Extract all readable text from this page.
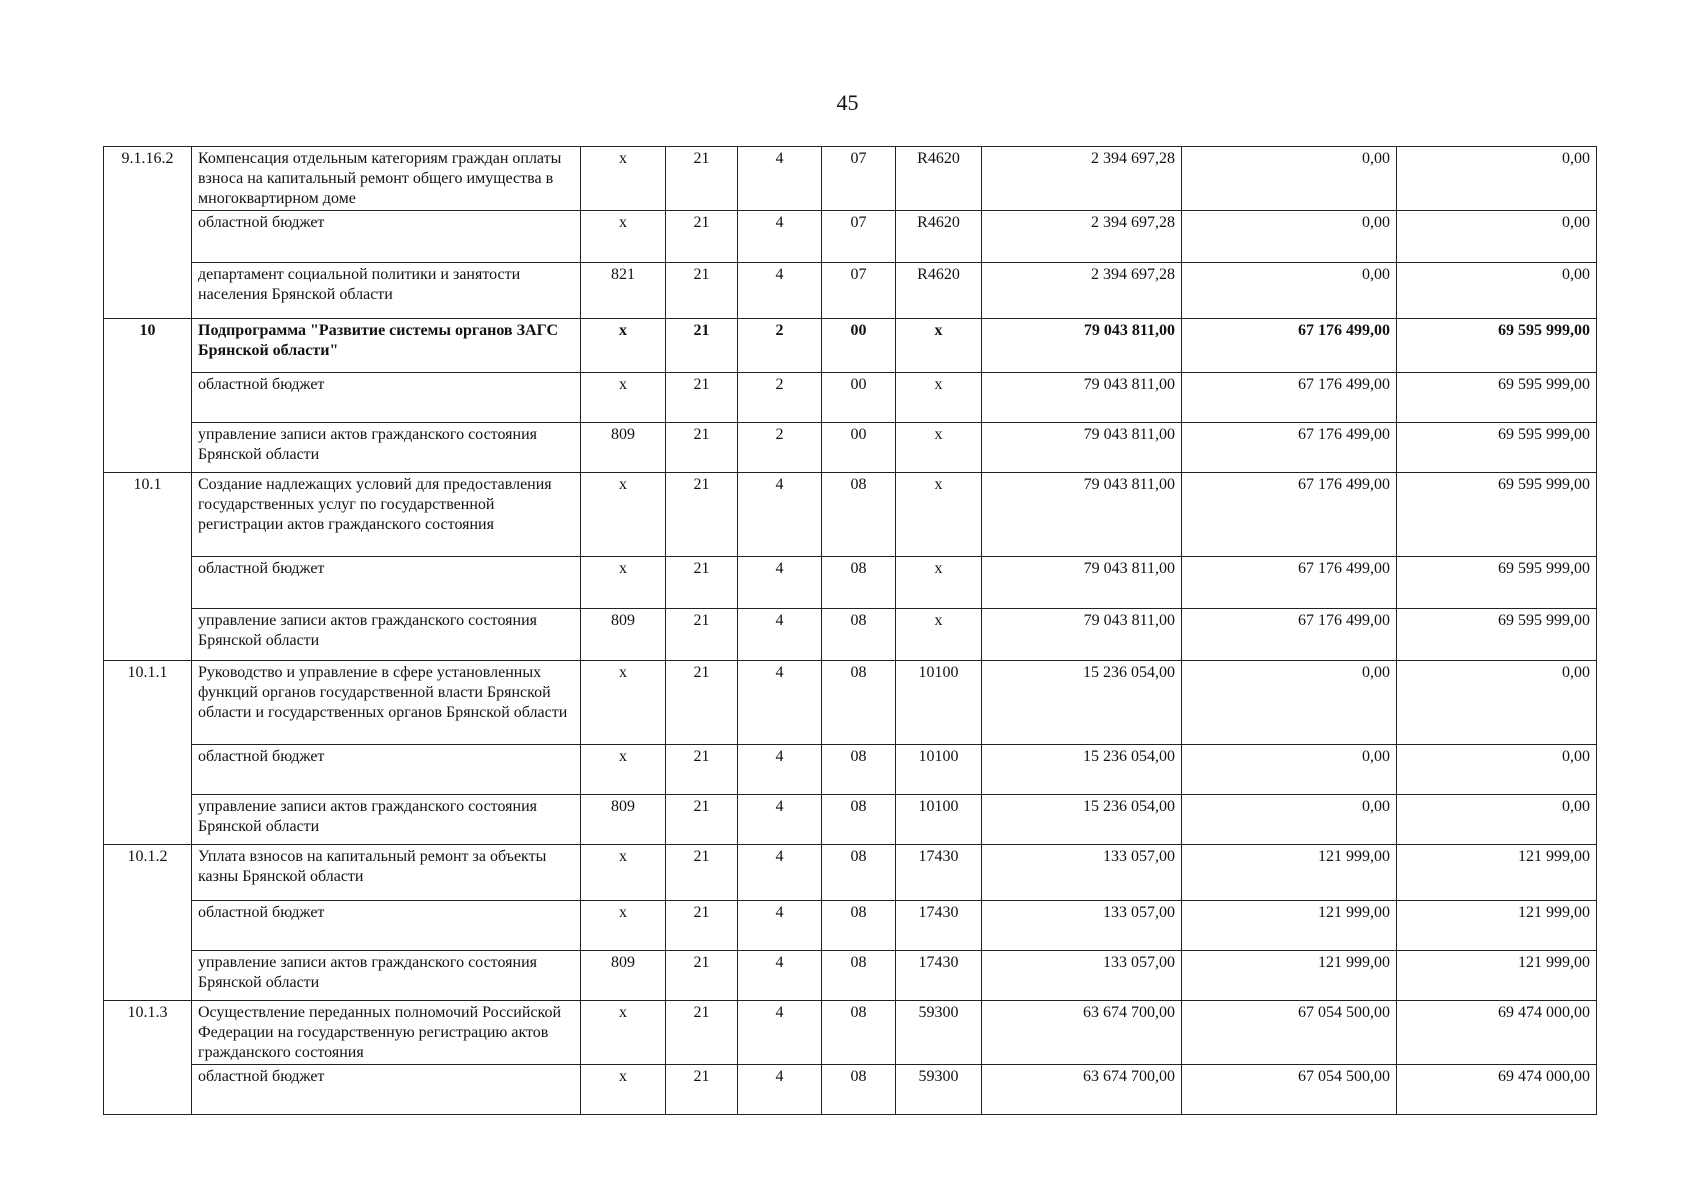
45
9.1.16.2	Компенсация отдельным категориям граждан оплаты взноса на капитальный ремонт общего имущества в многоквартирном доме	х	21	4	07	R4620	2 394 697,28	0,00	0,00
	областной бюджет	х	21	4	07	R4620	2 394 697,28	0,00	0,00
	департамент социальной политики и занятости населения Брянской области	821	21	4	07	R4620	2 394 697,28	0,00	0,00
10	Подпрограмма "Развитие системы органов ЗАГС Брянской области"	х	21	2	00	х	79 043 811,00	67 176 499,00	69 595 999,00
	областной бюджет	х	21	2	00	х	79 043 811,00	67 176 499,00	69 595 999,00
	управление записи актов гражданского состояния Брянской области	809	21	2	00	х	79 043 811,00	67 176 499,00	69 595 999,00
10.1	Создание надлежащих условий для предоставления государственных услуг по государственной регистрации актов гражданского состояния	х	21	4	08	х	79 043 811,00	67 176 499,00	69 595 999,00
	областной бюджет	х	21	4	08	х	79 043 811,00	67 176 499,00	69 595 999,00
	управление записи актов гражданского состояния Брянской области	809	21	4	08	х	79 043 811,00	67 176 499,00	69 595 999,00
10.1.1	Руководство и управление в сфере установленных функций органов государственной власти Брянской области и государственных органов Брянской области	х	21	4	08	10100	15 236 054,00	0,00	0,00
	областной бюджет	х	21	4	08	10100	15 236 054,00	0,00	0,00
	управление записи актов гражданского состояния Брянской области	809	21	4	08	10100	15 236 054,00	0,00	0,00
10.1.2	Уплата взносов на капитальный ремонт за объекты казны Брянской области	х	21	4	08	17430	133 057,00	121 999,00	121 999,00
	областной бюджет	х	21	4	08	17430	133 057,00	121 999,00	121 999,00
	управление записи актов гражданского состояния Брянской области	809	21	4	08	17430	133 057,00	121 999,00	121 999,00
10.1.3	Осуществление переданных полномочий Российской Федерации на государственную регистрацию актов гражданского состояния	х	21	4	08	59300	63 674 700,00	67 054 500,00	69 474 000,00
	областной бюджет	х	21	4	08	59300	63 674 700,00	67 054 500,00	69 474 000,00
